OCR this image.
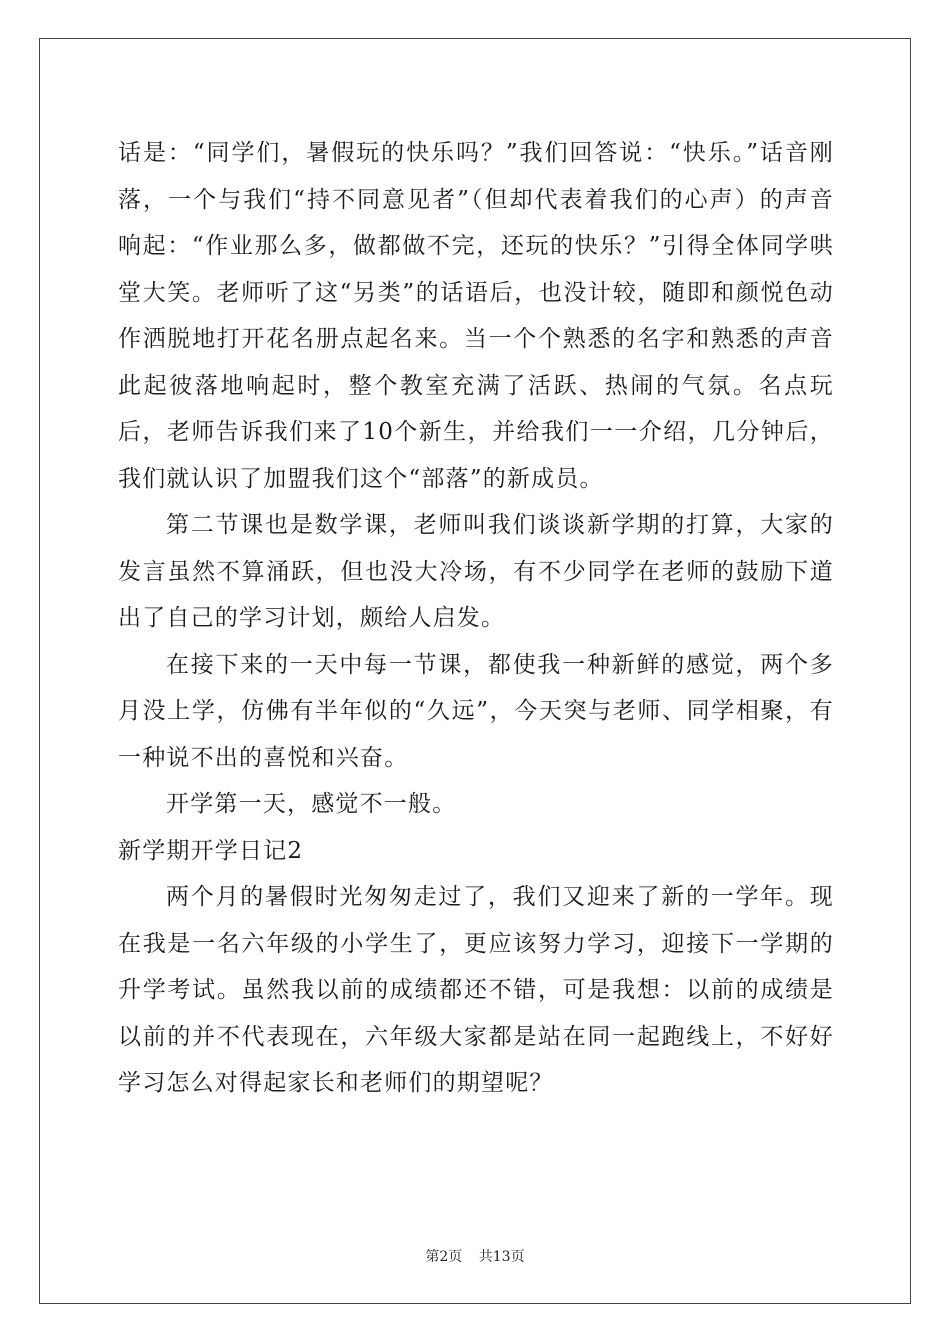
话是：“同学们，暑假玩的快乐吗？”我们回答说：“快乐。”话音刚落，一个与我们“持不同意见者”（但却代表着我们的心声）的声音响起：“作业那么多，做都做不完，还玩的快乐？”引得全体同学哄堂大笑。老师听了这“另类”的话语后，也没计较，随即和颜悦色动作洒脱地打开花名册点起名来。当一个个熟悉的名字和熟悉的声音此起彼落地响起时，整个教室充满了活跃、热闹的气氛。名点玩后，老师告诉我们来了10个新生，并给我们一一介绍，几分钟后，我们就认识了加盟我们这个“部落”的新成员。

第二节课也是数学课，老师叫我们谈谈新学期的打算，大家的发言虽然不算涌跃，但也没大冷场，有不少同学在老师的鼓励下道出了自己的学习计划，颇给人启发。

在接下来的一天中每一节课，都使我一种新鲜的感觉，两个多月没上学，仿佛有半年似的“久远”，今天突与老师、同学相聚，有一种说不出的喜悦和兴奋。

开学第一天，感觉不一般。

新学期开学日记2

两个月的暑假时光匆匆走过了，我们又迎来了新的一学年。现在我是一名六年级的小学生了，更应该努力学习，迎接下一学期的升学考试。虽然我以前的成绩都还不错，可是我想：以前的成绩是以前的并不代表现在，六年级大家都是站在同一起跑线上，不好好学习怎么对得起家长和老师们的期望呢？

第2页 共13页
